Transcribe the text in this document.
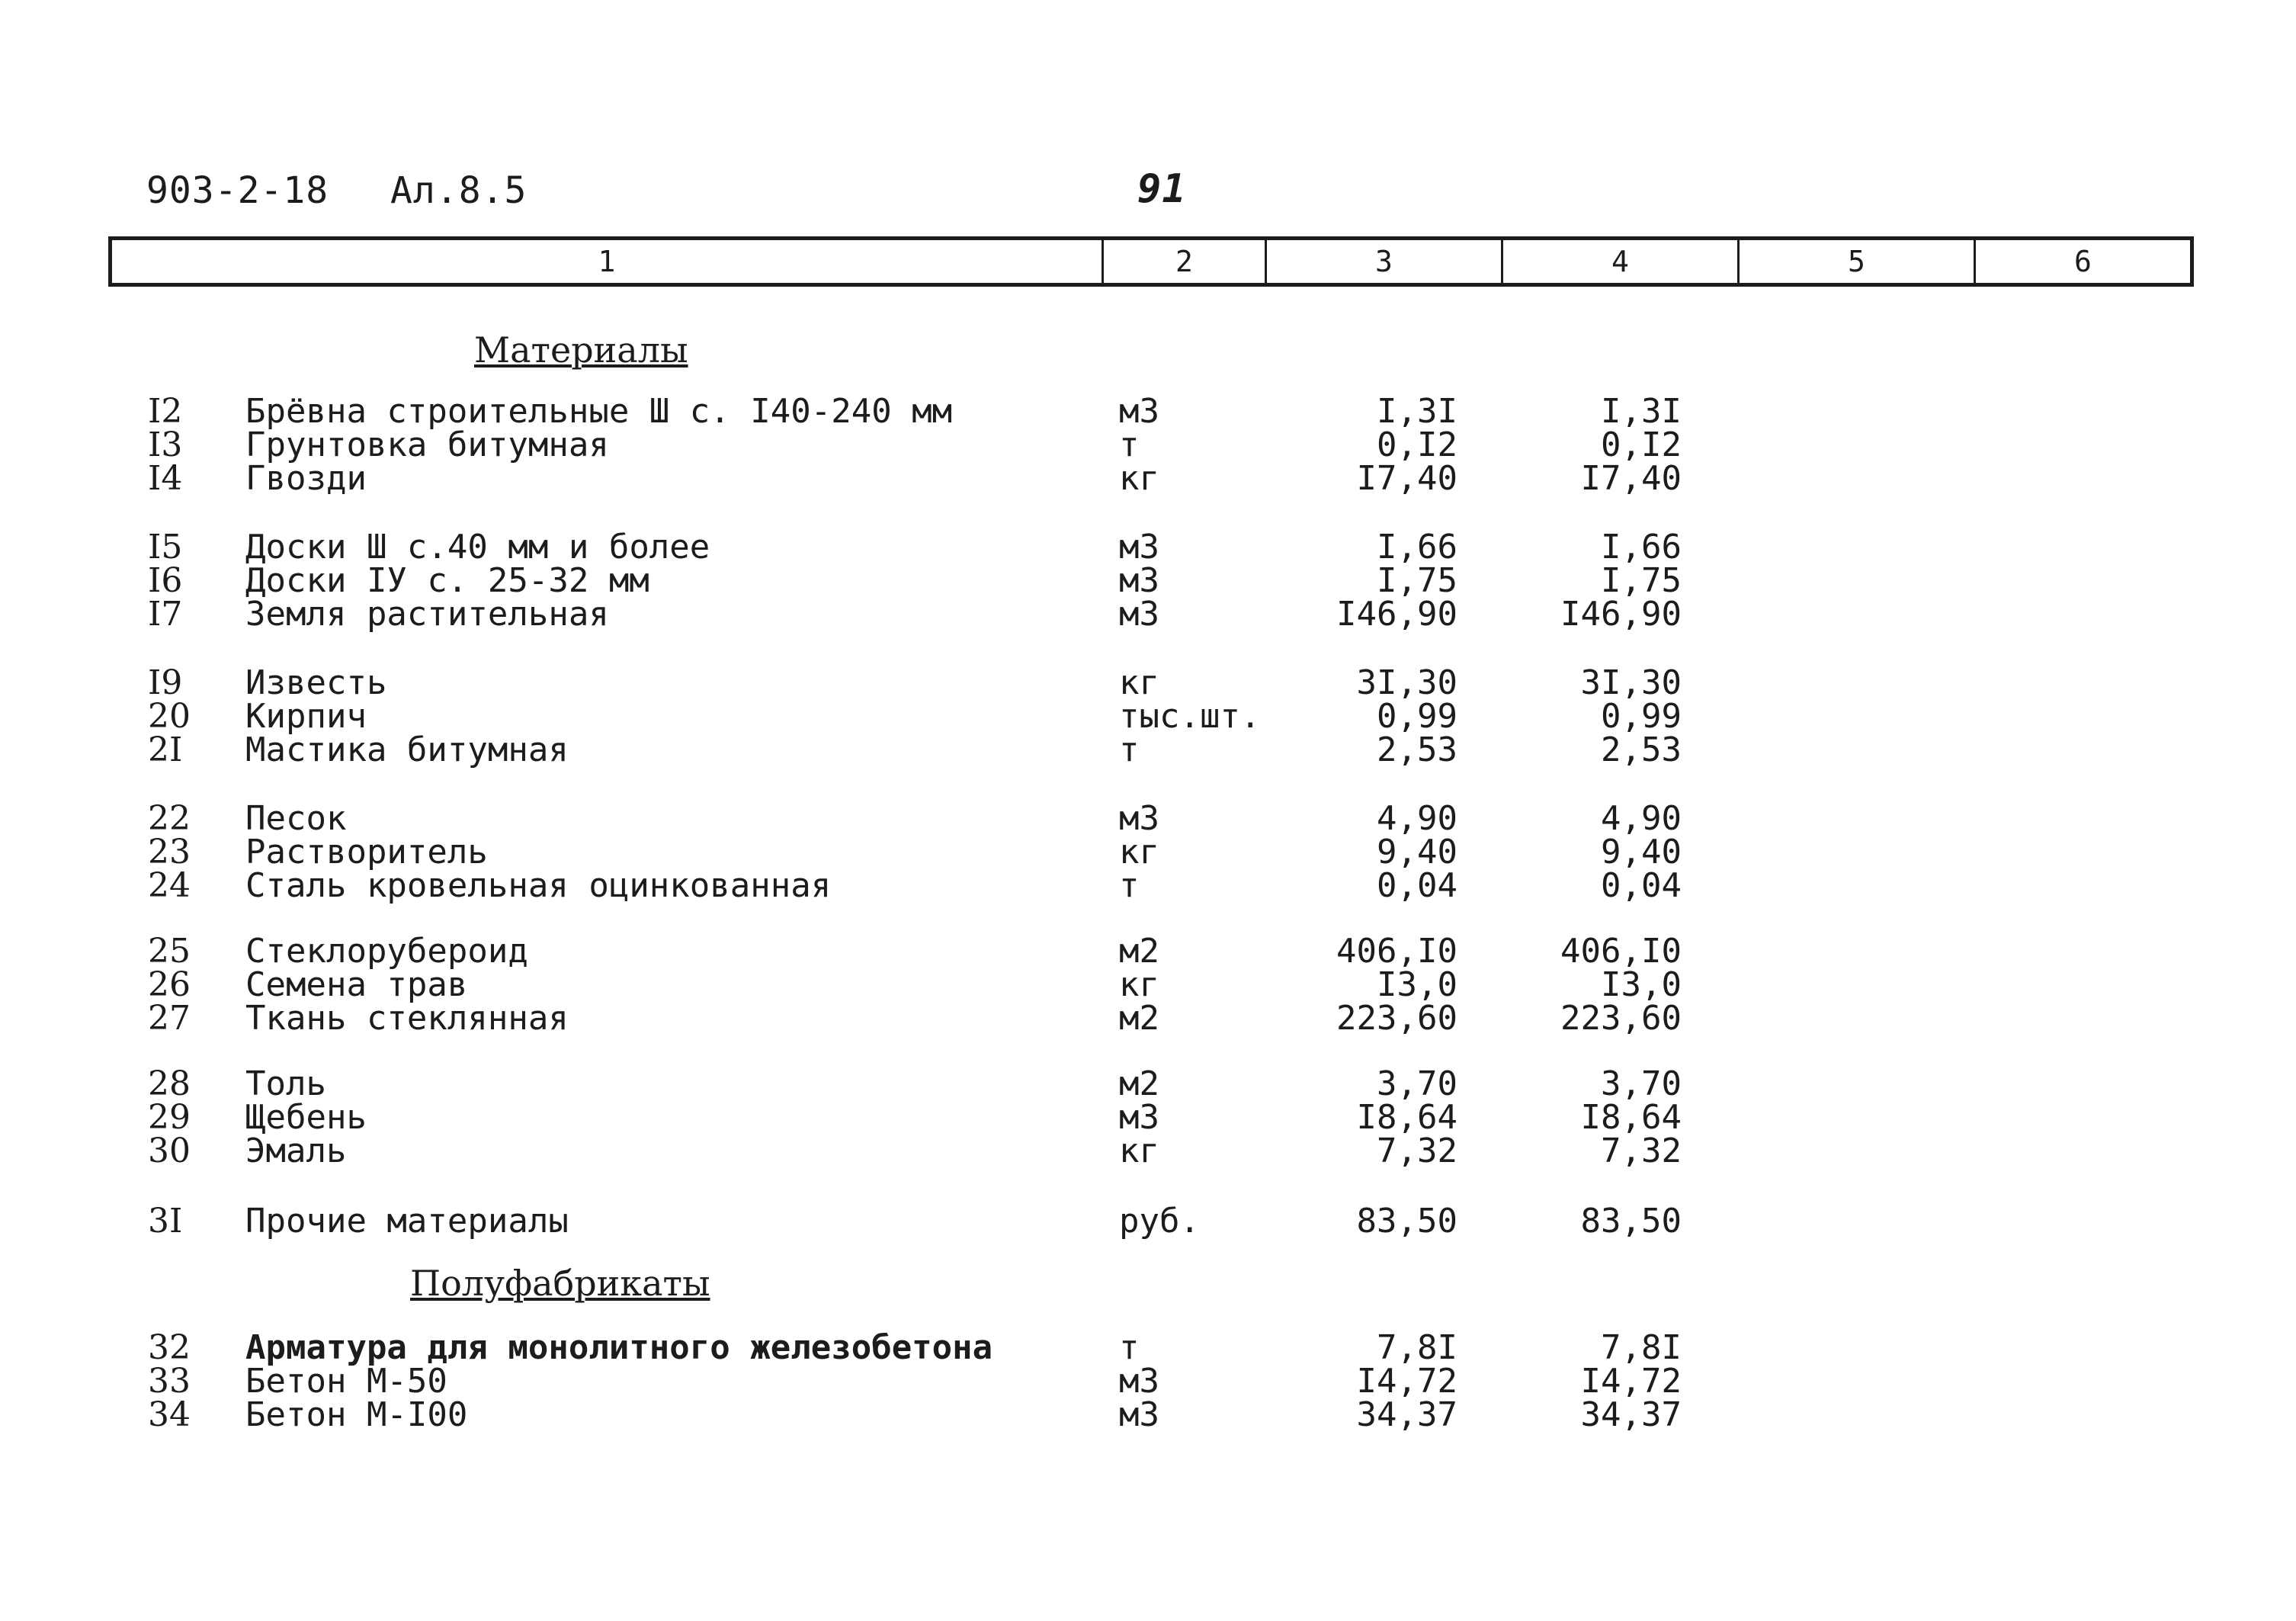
903-2-18 Ал.8.5	91
1	2	3	4	5	6
Материалы
I2	Брёвна строительные Ш с. I40-240 мм	м3	I,3I	I,3I
I3	Грунтовка битумная	т	0,I2	0,I2
I4	Гвозди	кг	I7,40	I7,40
I5	Доски Ш с.40 мм и более	м3	I,66	I,66
I6	Доски IУ с. 25-32 мм	м3	I,75	I,75
I7	Земля растительная	м3	I46,90	I46,90
I9	Известь	кг	3I,30	3I,30
20	Кирпич	тыс.шт.	0,99	0,99
2I	Мастика битумная	т	2,53	2,53
22	Песок	м3	4,90	4,90
23	Растворитель	кг	9,40	9,40
24	Сталь кровельная оцинкованная	т	0,04	0,04
25	Стеклорубероид	м2	406,I0	406,I0
26	Семена трав	кг	I3,0	I3,0
27	Ткань стеклянная	м2	223,60	223,60
28	Толь	м2	3,70	3,70
29	Щебень	м3	I8,64	I8,64
30	Эмаль	кг	7,32	7,32
3I	Прочие материалы	руб.	83,50	83,50
Полуфабрикаты
32	Арматура для монолитного железобетона	т	7,8I	7,8I
33	Бетон М-50	м3	I4,72	I4,72
34	Бетон М-I00	м3	34,37	34,37
